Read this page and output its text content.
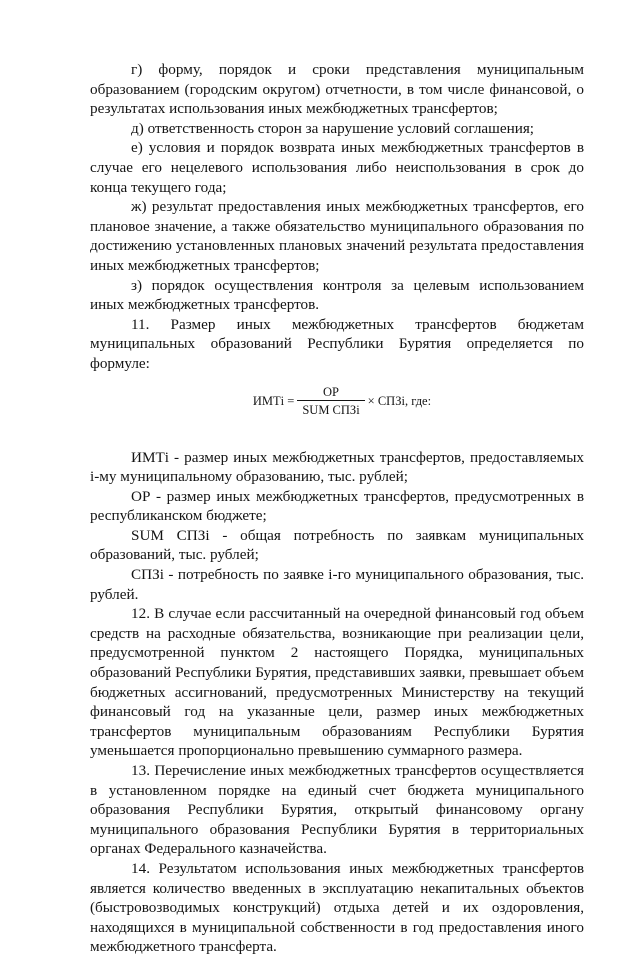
г) форму, порядок и сроки представления муниципальным образованием (городским округом) отчетности, в том числе финансовой, о результатах использования иных межбюджетных трансфертов;

д) ответственность сторон за нарушение условий соглашения;

е) условия и порядок возврата иных межбюджетных трансфертов в случае его нецелевого использования либо неиспользования в срок до конца текущего года;

ж) результат предоставления иных межбюджетных трансфертов, его плановое значение, а также обязательство муниципального образования по достижению установленных плановых значений результата предоставления иных межбюджетных трансфертов;

з) порядок осуществления контроля за целевым использованием иных межбюджетных трансфертов.

11. Размер иных межбюджетных трансфертов бюджетам муниципальных образований Республики Бурятия определяется по формуле:

ИМТi = $\frac{ОР}{\text{SUM СПЗi}}$ × СПЗi, где:

ИМТi - размер иных межбюджетных трансфертов, предоставляемых i-му муниципальному образованию, тыс. рублей;

ОР - размер иных межбюджетных трансфертов, предусмотренных в республиканском бюджете;

SUM СПЗi - общая потребность по заявкам муниципальных образований, тыс. рублей;

СПЗi - потребность по заявке i-го муниципального образования, тыс. рублей.

12. В случае если рассчитанный на очередной финансовый год объем средств на расходные обязательства, возникающие при реализации цели, предусмотренной пунктом 2 настоящего Порядка, муниципальных образований Республики Бурятия, представивших заявки, превышает объем бюджетных ассигнований, предусмотренных Министерству на текущий финансовый год на указанные цели, размер иных межбюджетных трансфертов муниципальным образованиям Республики Бурятия уменьшается пропорционально превышению суммарного размера.

13. Перечисление иных межбюджетных трансфертов осуществляется в установленном порядке на единый счет бюджета муниципального образования Республики Бурятия, открытый финансовому органу муниципального образования Республики Бурятия в территориальных органах Федерального казначейства.

14. Результатом использования иных межбюджетных трансфертов является количество введенных в эксплуатацию некапитальных объектов (быстровозводимых конструкций) отдыха детей и их оздоровления, находящихся в муниципальной собственности в год предоставления иного межбюджетного трансферта.
